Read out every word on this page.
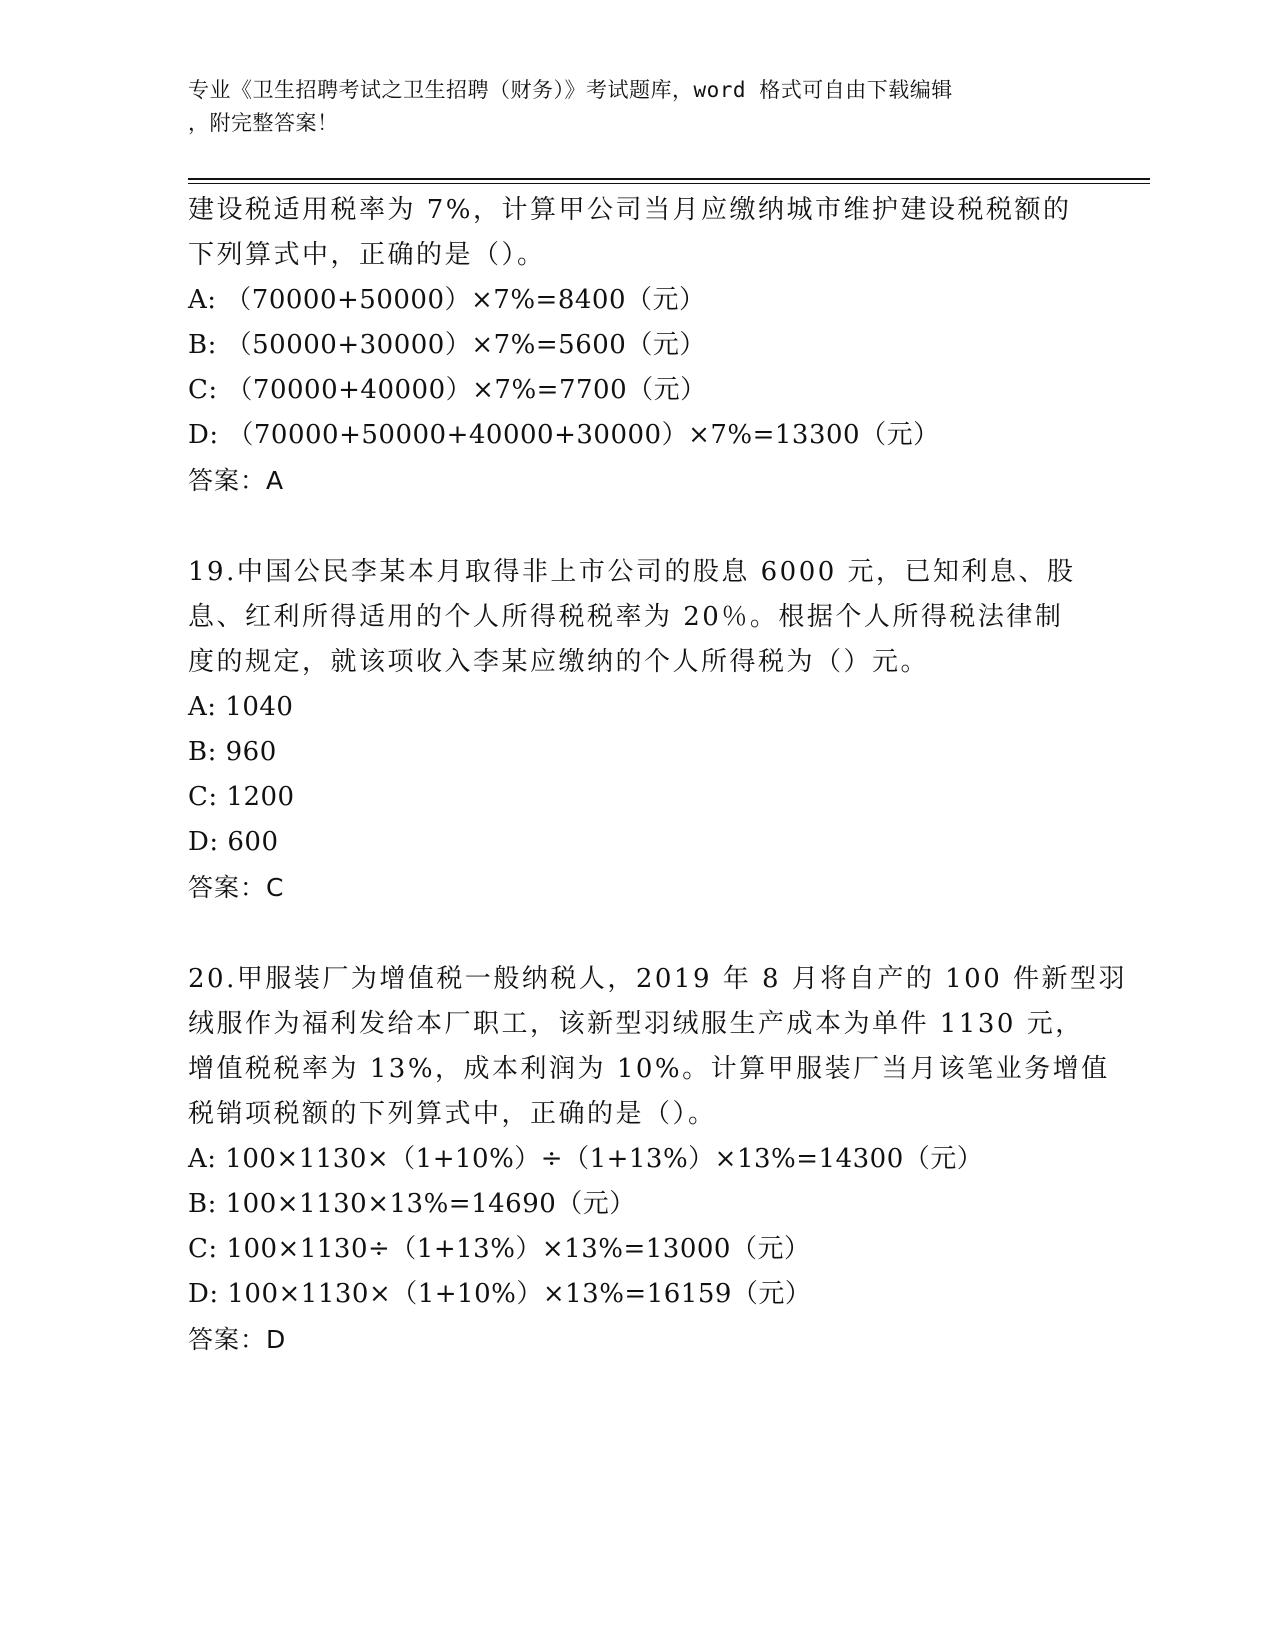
专业《卫生招聘考试之卫生招聘（财务）》考试题库，word 格式可自由下载编辑
，附完整答案！
建设税适用税率为 7%，计算甲公司当月应缴纳城市维护建设税税额的
下列算式中，正确的是（）。
A: （70000+50000）×7%=8400（元）
B: （50000+30000）×7%=5600（元）
C: （70000+40000）×7%=7700（元）
D: （70000+50000+40000+30000）×7%=13300（元）
答案：A
19.中国公民李某本月取得非上市公司的股息 6000 元，已知利息、股
息、红利所得适用的个人所得税税率为 20％。根据个人所得税法律制
度的规定，就该项收入李某应缴纳的个人所得税为（）元。
A: 1040
B: 960
C: 1200
D: 600
答案：C
20.甲服装厂为增值税一般纳税人，2019 年 8 月将自产的 100 件新型羽
绒服作为福利发给本厂职工，该新型羽绒服生产成本为单件 1130 元，
增值税税率为 13%，成本利润为 10%。计算甲服装厂当月该笔业务增值
税销项税额的下列算式中，正确的是（）。
A: 100×1130×（1+10%）÷（1+13%）×13%=14300（元）
B: 100×1130×13%=14690（元）
C: 100×1130÷（1+13%）×13%=13000（元）
D: 100×1130×（1+10%）×13%=16159（元）
答案：D
